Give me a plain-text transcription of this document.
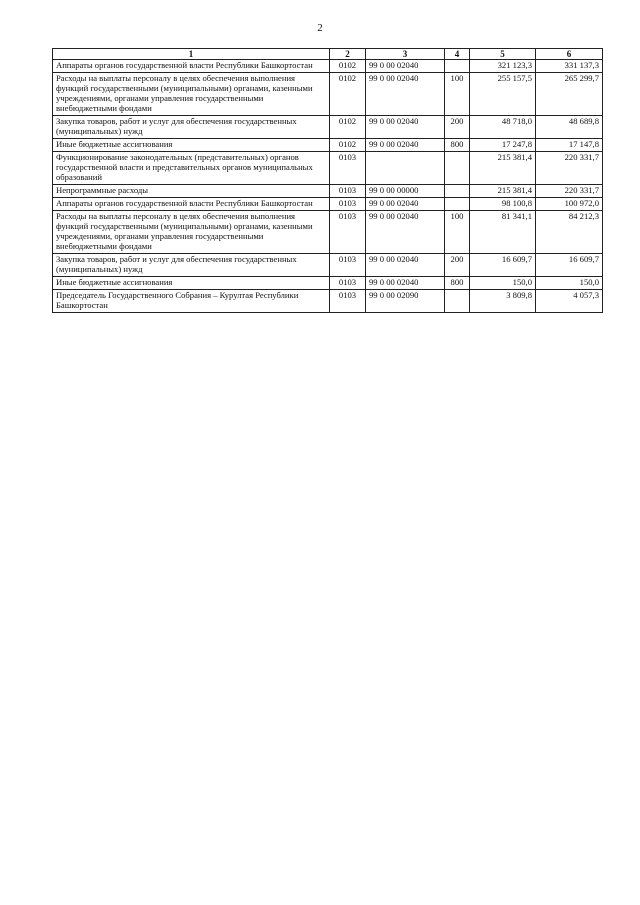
2
1	2	3	4	5	6
Аппараты органов государственной власти Республики Башкортостан	0102	99 0 00 02040		321 123,3	331 137,3
Расходы на выплаты персоналу в целях обеспечения выполнения функций государственными (муниципальными) органами, казенными учреждениями, органами управления государственными внебюджетными фондами	0102	99 0 00 02040	100	255 157,5	265 299,7
Закупка товаров, работ и услуг для обеспечения государственных (муниципальных) нужд	0102	99 0 00 02040	200	48 718,0	48 689,8
Иные бюджетные ассигнования	0102	99 0 00 02040	800	17 247,8	17 147,8
Функционирование законодательных (представительных) органов государственной власти и представительных органов муниципальных образований	0103			215 381,4	220 331,7
Непрограммные расходы	0103	99 0 00 00000		215 381,4	220 331,7
Аппараты органов государственной власти Республики Башкортостан	0103	99 0 00 02040		98 100,8	100 972,0
Расходы на выплаты персоналу в целях обеспечения выполнения функций государственными (муниципальными) органами, казенными учреждениями, органами управления государственными внебюджетными фондами	0103	99 0 00 02040	100	81 341,1	84 212,3
Закупка товаров, работ и услуг для обеспечения государственных (муниципальных) нужд	0103	99 0 00 02040	200	16 609,7	16 609,7
Иные бюджетные ассигнования	0103	99 0 00 02040	800	150,0	150,0
Председатель Государственного Собрания – Курултая Республики Башкортостан	0103	99 0 00 02090		3 809,8	4 057,3
